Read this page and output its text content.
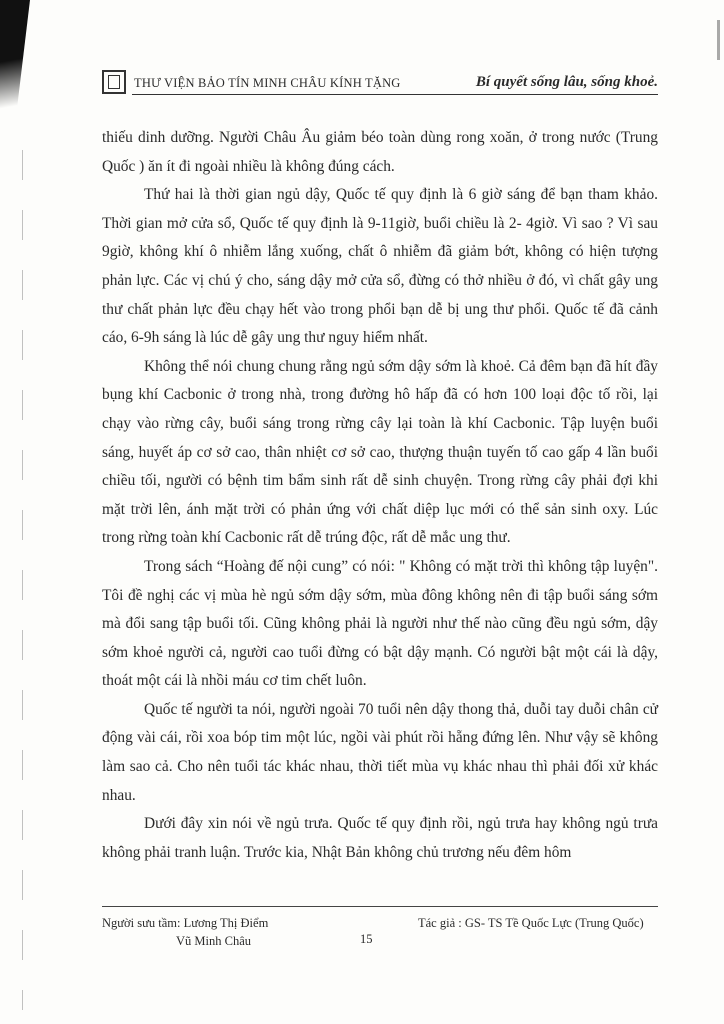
THƯ VIỆN BẢO TÍN MINH CHÂU KÍNH TẶNG	Bí quyết sống lâu, sống khoẻ.

thiếu dinh dưỡng. Người Châu Âu giảm béo toàn dùng rong xoăn, ở trong nước (Trung Quốc ) ăn ít đi ngoài nhiều là không đúng cách.

Thứ hai là thời gian ngủ dậy, Quốc tế quy định là 6 giờ sáng để bạn tham khảo. Thời gian mở cửa sổ, Quốc tế quy định là 9-11giờ, buổi chiều là 2- 4giờ. Vì sao ? Vì sau 9giờ, không khí ô nhiễm lắng xuống, chất ô nhiễm đã giảm bớt, không có hiện tượng phản lực. Các vị chú ý cho, sáng dậy mở cửa sổ, đừng có thở nhiều ở đó, vì chất gây ung thư chất phản lực đều chạy hết vào trong phổi bạn dễ bị ung thư phổi. Quốc tế đã cảnh cáo, 6-9h sáng là lúc dễ gây ung thư nguy hiểm nhất.

Không thể nói chung chung rằng ngủ sớm dậy sớm là khoẻ. Cả đêm bạn đã hít đầy bụng khí Cacbonic ở trong nhà, trong đường hô hấp đã có hơn 100 loại độc tố rồi, lại chạy vào rừng cây, buổi sáng trong rừng cây lại toàn là khí Cacbonic. Tập luyện buổi sáng, huyết áp cơ sở cao, thân nhiệt cơ sở cao, thượng thuận tuyến tố cao gấp 4 lần buổi chiều tối, người có bệnh tim bẩm sinh rất dễ sinh chuyện. Trong rừng cây phải đợi khi mặt trời lên, ánh mặt trời có phản ứng với chất diệp lục mới có thể sản sinh oxy. Lúc trong rừng toàn khí Cacbonic rất dễ trúng độc, rất dễ mắc ung thư.

Trong sách “Hoàng đế nội cung” có nói: " Không có mặt trời thì không tập luyện". Tôi đề nghị các vị mùa hè ngủ sớm dậy sớm, mùa đông không nên đi tập buổi sáng sớm mà đổi sang tập buổi tối. Cũng không phải là người như thế nào cũng đều ngủ sớm, dậy sớm khoẻ người cả, người cao tuổi đừng có bật dậy mạnh. Có người bật một cái là dậy, thoát một cái là nhồi máu cơ tim chết luôn.

Quốc tế người ta nói, người ngoài 70 tuổi nên dậy thong thả, duỗi tay duỗi chân cử động vài cái, rồi xoa bóp tim một lúc, ngồi vài phút rồi hẵng đứng lên. Như vậy sẽ không làm sao cả. Cho nên tuổi tác khác nhau, thời tiết mùa vụ khác nhau thì phải đối xử khác nhau.

Dưới đây xin nói về ngủ trưa. Quốc tế quy định rồi, ngủ trưa hay không ngủ trưa không phải tranh luận. Trước kia, Nhật Bản không chủ trương nếu đêm hôm

Người sưu tầm: Lương Thị Điểm
Vũ Minh Châu
Tác giả : GS- TS Tề Quốc Lực (Trung Quốc)
15
